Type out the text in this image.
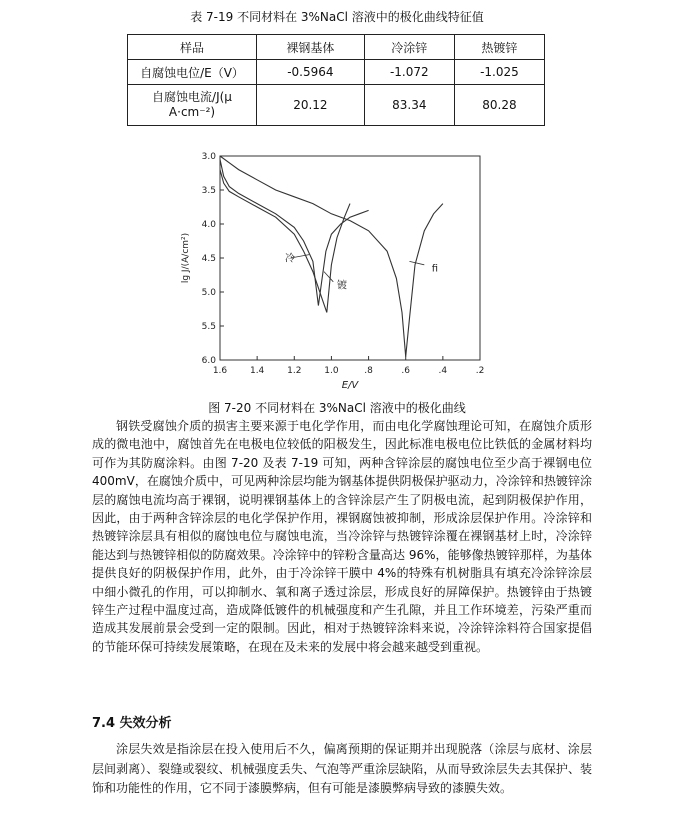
表 7-19 不同材料在 3%NaCl 溶液中的极化曲线特征值
样品	裸钢基体	冷涂锌	热镀锌
自腐蚀电位/E（V）	-0.5964	-1.072	-1.025
自腐蚀电流/J(μ A·cm⁻²)	20.12	83.34	80.28
1.6	1.4	1.2	1.0	.8	.6	.4	.2
3.0
3.5
4.0
4.5
5.0
5.5
6.0
E/V
lg J/(A/cm²)	冷
镀
fi
图 7-20 不同材料在 3%NaCl 溶液中的极化曲线

钢铁受腐蚀介质的损害主要来源于电化学作用，而由电化学腐蚀理论可知，在腐蚀介质形成的微电池中，腐蚀首先在电极电位较低的阳极发生，因此标准电极电位比铁低的金属材料均可作为其防腐涂料。由图 7-20 及表 7-19 可知，两种含锌涂层的腐蚀电位至少高于裸钢电位 400mV，在腐蚀介质中，可见两种涂层均能为钢基体提供阴极保护驱动力，冷涂锌和热镀锌涂层的腐蚀电流均高于裸钢，说明裸钢基体上的含锌涂层产生了阴极电流，起到阴极保护作用，因此，由于两种含锌涂层的电化学保护作用，裸钢腐蚀被抑制，形成涂层保护作用。冷涂锌和热镀锌涂层具有相似的腐蚀电位与腐蚀电流，当冷涂锌与热镀锌涂覆在裸钢基材上时，冷涂锌能达到与热镀锌相似的防腐效果。冷涂锌中的锌粉含量高达 96%，能够像热镀锌那样，为基体提供良好的阴极保护作用，此外，由于冷涂锌干膜中 4%的特殊有机树脂具有填充冷涂锌涂层中细小微孔的作用，可以抑制水、氧和离子透过涂层，形成良好的屏障保护。热镀锌由于热镀锌生产过程中温度过高，造成降低镀件的机械强度和产生孔隙，并且工作环境差，污染严重而造成其发展前景会受到一定的限制。因此，相对于热镀锌涂料来说，冷涂锌涂料符合国家提倡的节能环保可持续发展策略，在现在及未来的发展中将会越来越受到重视。

7.4 失效分析

涂层失效是指涂层在投入使用后不久，偏离预期的保证期并出现脱落（涂层与底材、涂层层间剥离）、裂缝或裂纹、机械强度丢失、气泡等严重涂层缺陷，从而导致涂层失去其保护、装饰和功能性的作用，它不同于漆膜弊病，但有可能是漆膜弊病导致的漆膜失效。
